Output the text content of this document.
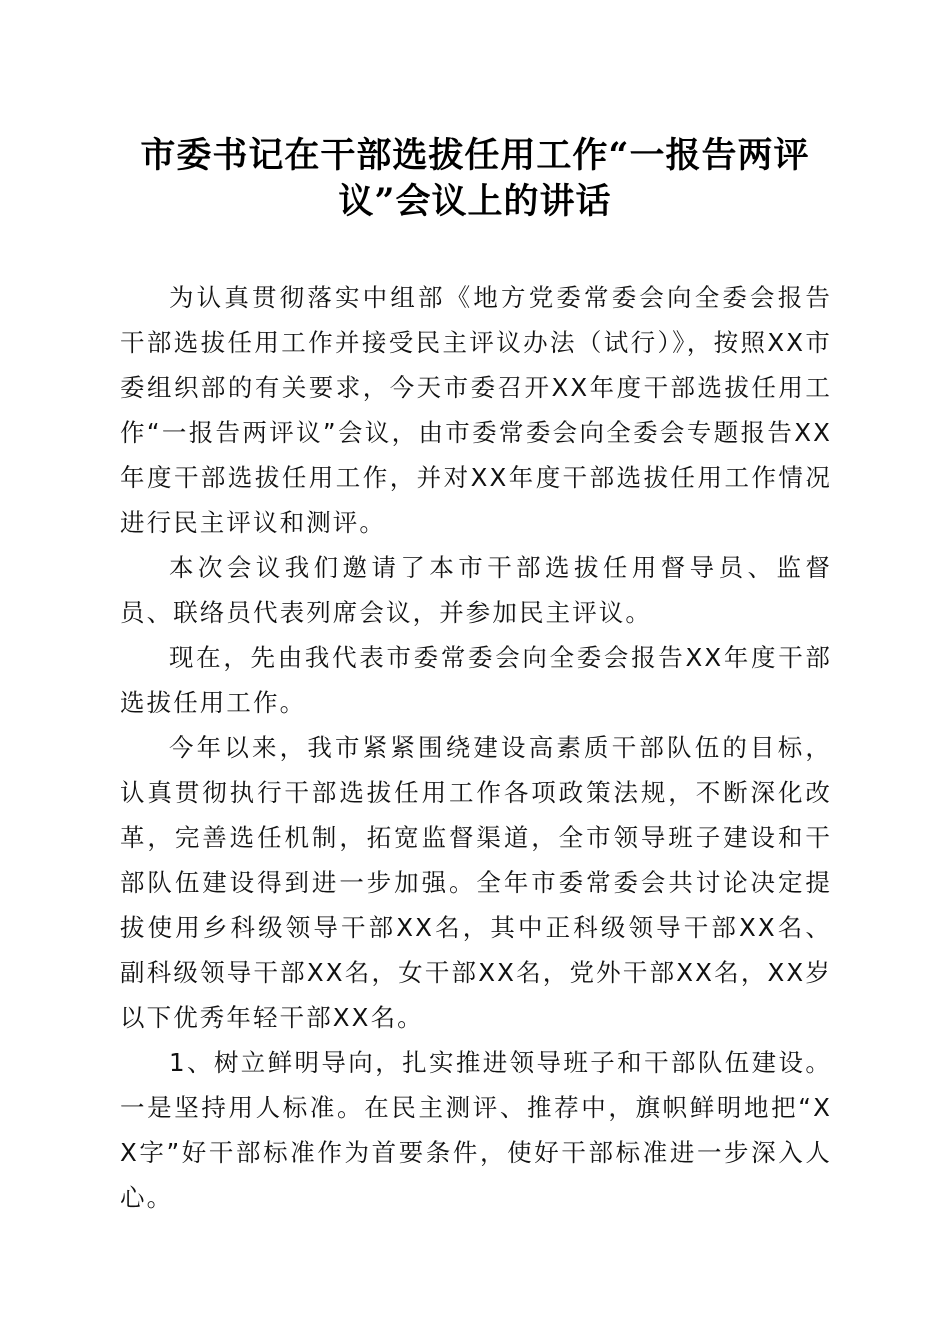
市委书记在干部选拔任用工作“一报告两评
议”会议上的讲话

为认真贯彻落实中组部《地方党委常委会向全委会报告干部选拔任用工作并接受民主评议办法（试行）》，按照XX市委组织部的有关要求，今天市委召开XX年度干部选拔任用工作“一报告两评议”会议，由市委常委会向全委会专题报告XX年度干部选拔任用工作，并对XX年度干部选拔任用工作情况进行民主评议和测评。

本次会议我们邀请了本市干部选拔任用督导员、监督员、联络员代表列席会议，并参加民主评议。

现在，先由我代表市委常委会向全委会报告XX年度干部选拔任用工作。

今年以来，我市紧紧围绕建设高素质干部队伍的目标，认真贯彻执行干部选拔任用工作各项政策法规，不断深化改革，完善选任机制，拓宽监督渠道，全市领导班子建设和干部队伍建设得到进一步加强。全年市委常委会共讨论决定提拔使用乡科级领导干部XX名，其中正科级领导干部XX名、副科级领导干部XX名，女干部XX名，党外干部XX名，XX岁以下优秀年轻干部XX名。

1、树立鲜明导向，扎实推进领导班子和干部队伍建设。一是坚持用人标准。在民主测评、推荐中，旗帜鲜明地把“XX字”好干部标准作为首要条件，使好干部标准进一步深入人心。
